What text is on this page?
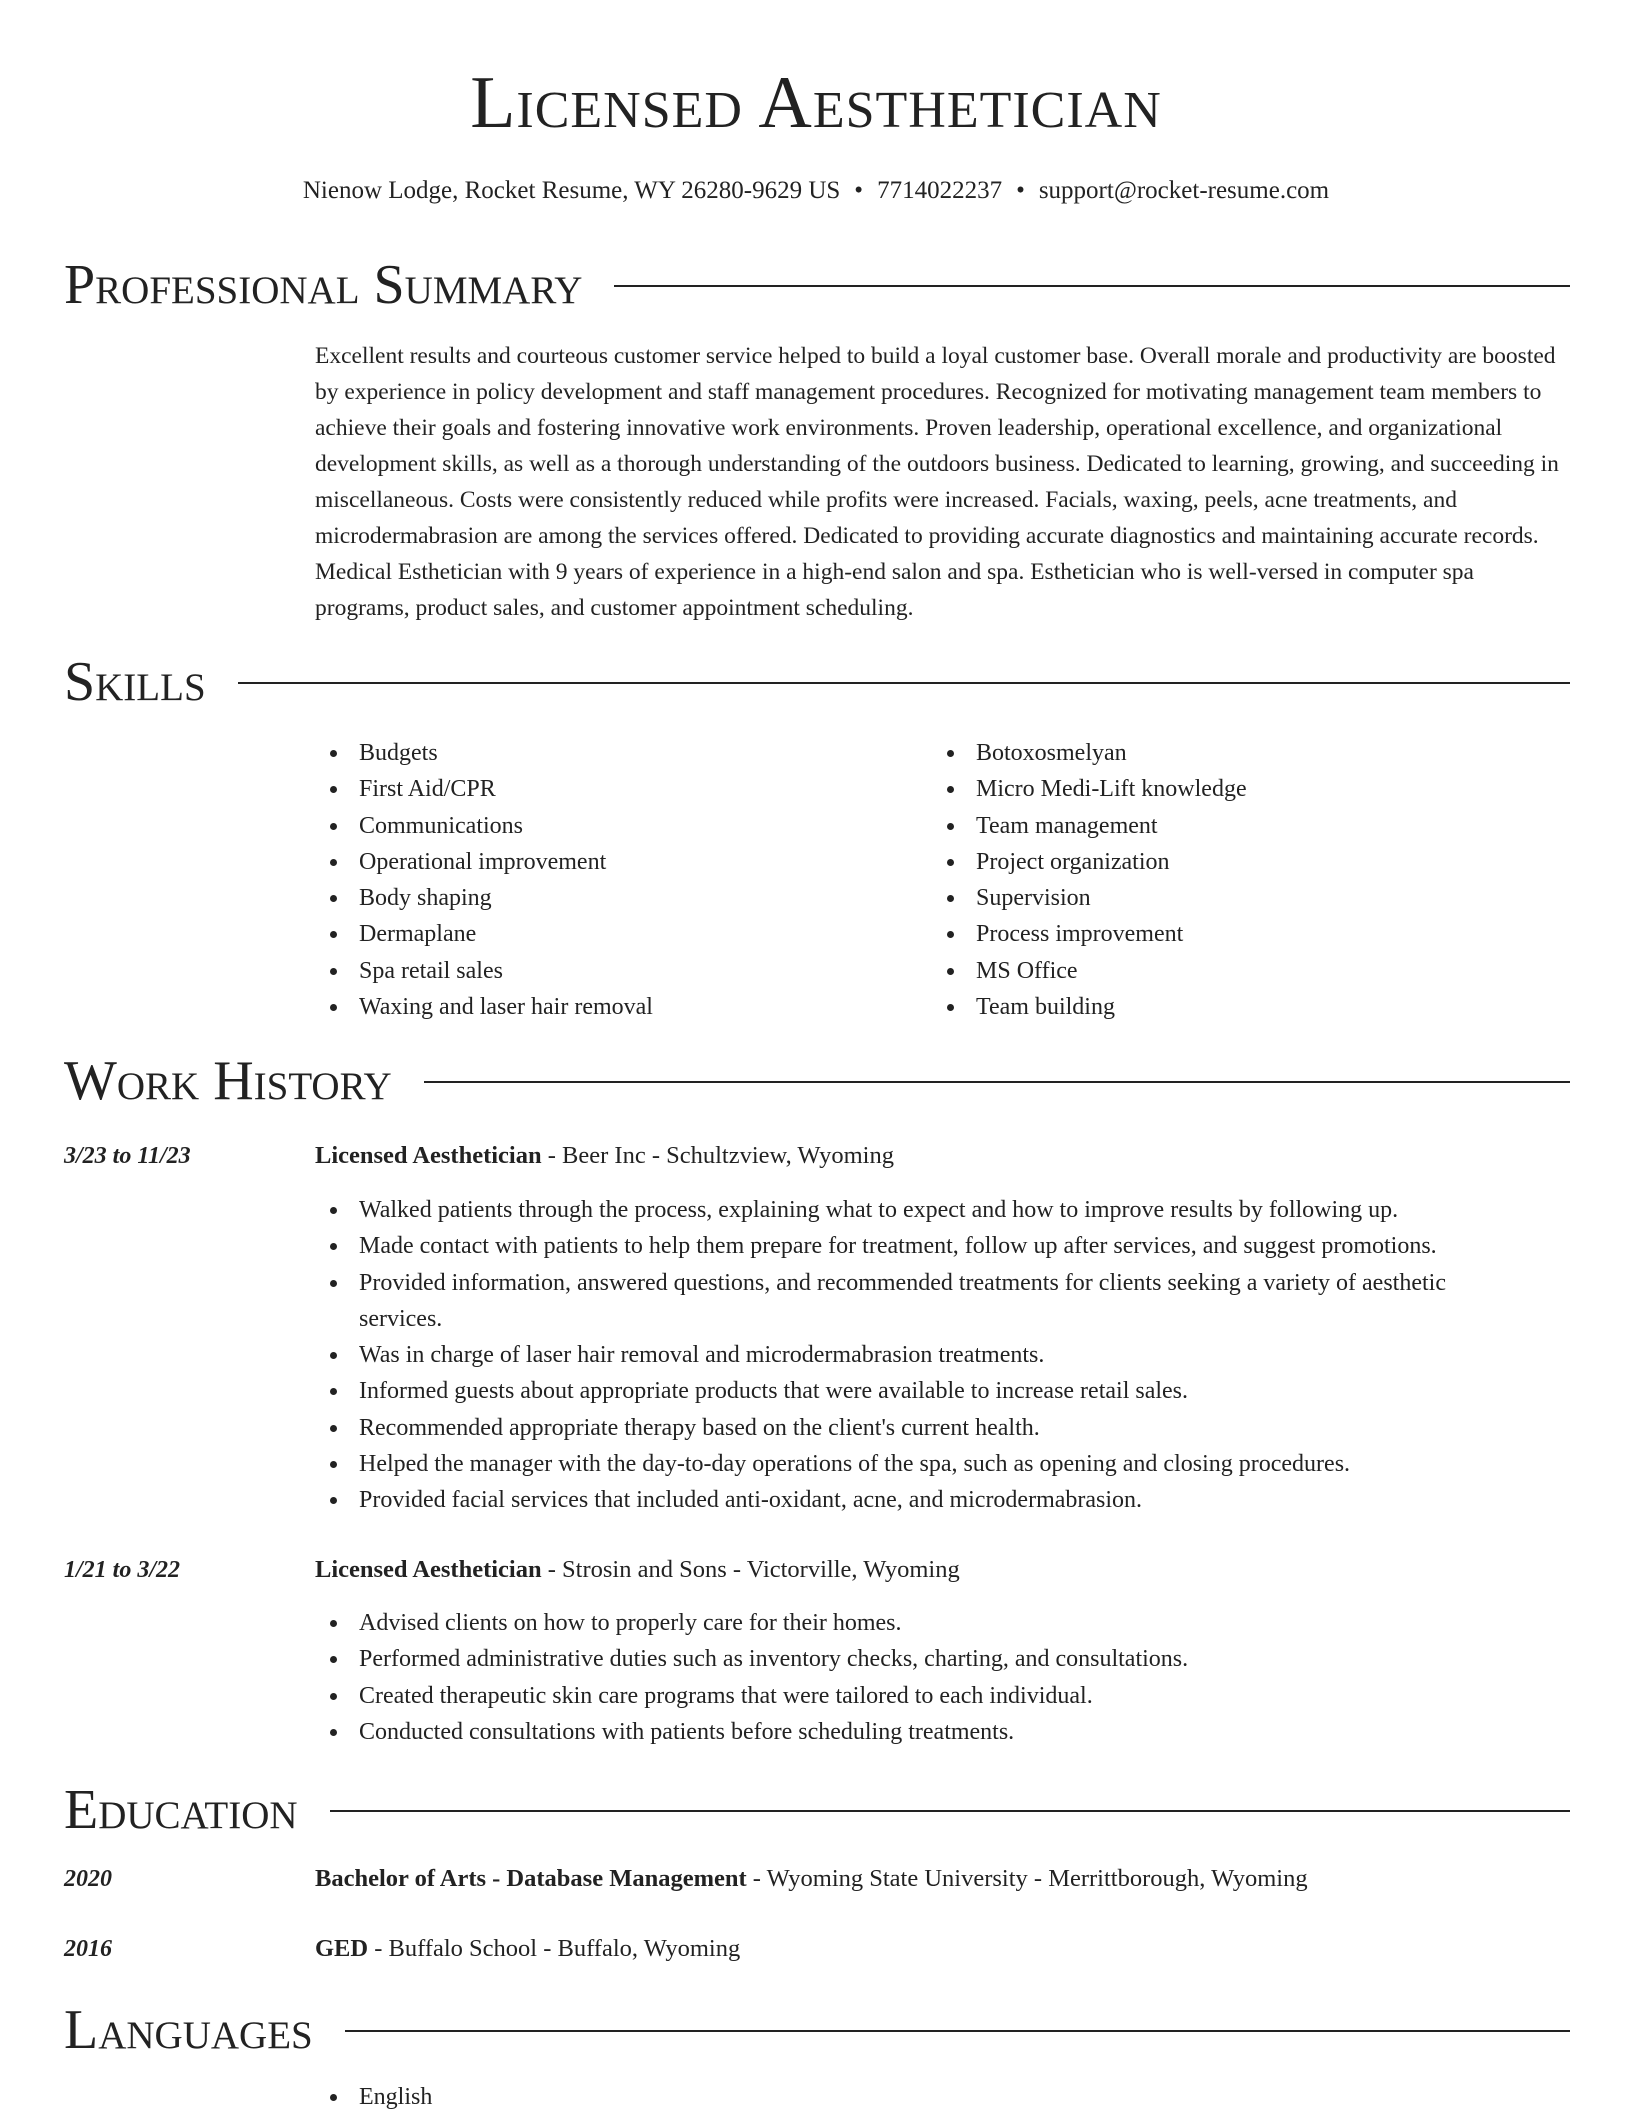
Licensed Aesthetician
Nienow Lodge, Rocket Resume, WY 26280-9629 US • 7714022237 • support@rocket-resume.com
Professional Summary

Excellent results and courteous customer service helped to build a loyal customer base. Overall morale and productivity are boosted by experience in policy development and staff management procedures. Recognized for motivating management team members to achieve their goals and fostering innovative work environments. Proven leadership, operational excellence, and organizational development skills, as well as a thorough understanding of the outdoors business. Dedicated to learning, growing, and succeeding in miscellaneous. Costs were consistently reduced while profits were increased. Facials, waxing, peels, acne treatments, and microdermabrasion are among the services offered. Dedicated to providing accurate diagnostics and maintaining accurate records. Medical Esthetician with 9 years of experience in a high-end salon and spa. Esthetician who is well-versed in computer spa programs, product sales, and customer appointment scheduling.

Skills
Budgets
First Aid/CPR
Communications
Operational improvement
Body shaping
Dermaplane
Spa retail sales
Waxing and laser hair removal
Botoxosmelyan
Micro Medi-Lift knowledge
Team management
Project organization
Supervision
Process improvement
MS Office
Team building
Work History
3/23 to 11/23	Licensed Aesthetician - Beer Inc - Schultzview, Wyoming
Walked patients through the process, explaining what to expect and how to improve results by following up.
Made contact with patients to help them prepare for treatment, follow up after services, and suggest promotions.
Provided information, answered questions, and recommended treatments for clients seeking a variety of aesthetic services.
Was in charge of laser hair removal and microdermabrasion treatments.
Informed guests about appropriate products that were available to increase retail sales.
Recommended appropriate therapy based on the client's current health.
Helped the manager with the day-to-day operations of the spa, such as opening and closing procedures.
Provided facial services that included anti-oxidant, acne, and microdermabrasion.
1/21 to 3/22	Licensed Aesthetician - Strosin and Sons - Victorville, Wyoming
Advised clients on how to properly care for their homes.
Performed administrative duties such as inventory checks, charting, and consultations.
Created therapeutic skin care programs that were tailored to each individual.
Conducted consultations with patients before scheduling treatments.
Education
2020	Bachelor of Arts - Database Management - Wyoming State University - Merrittborough, Wyoming
2016	GED - Buffalo School - Buffalo, Wyoming
Languages
English
